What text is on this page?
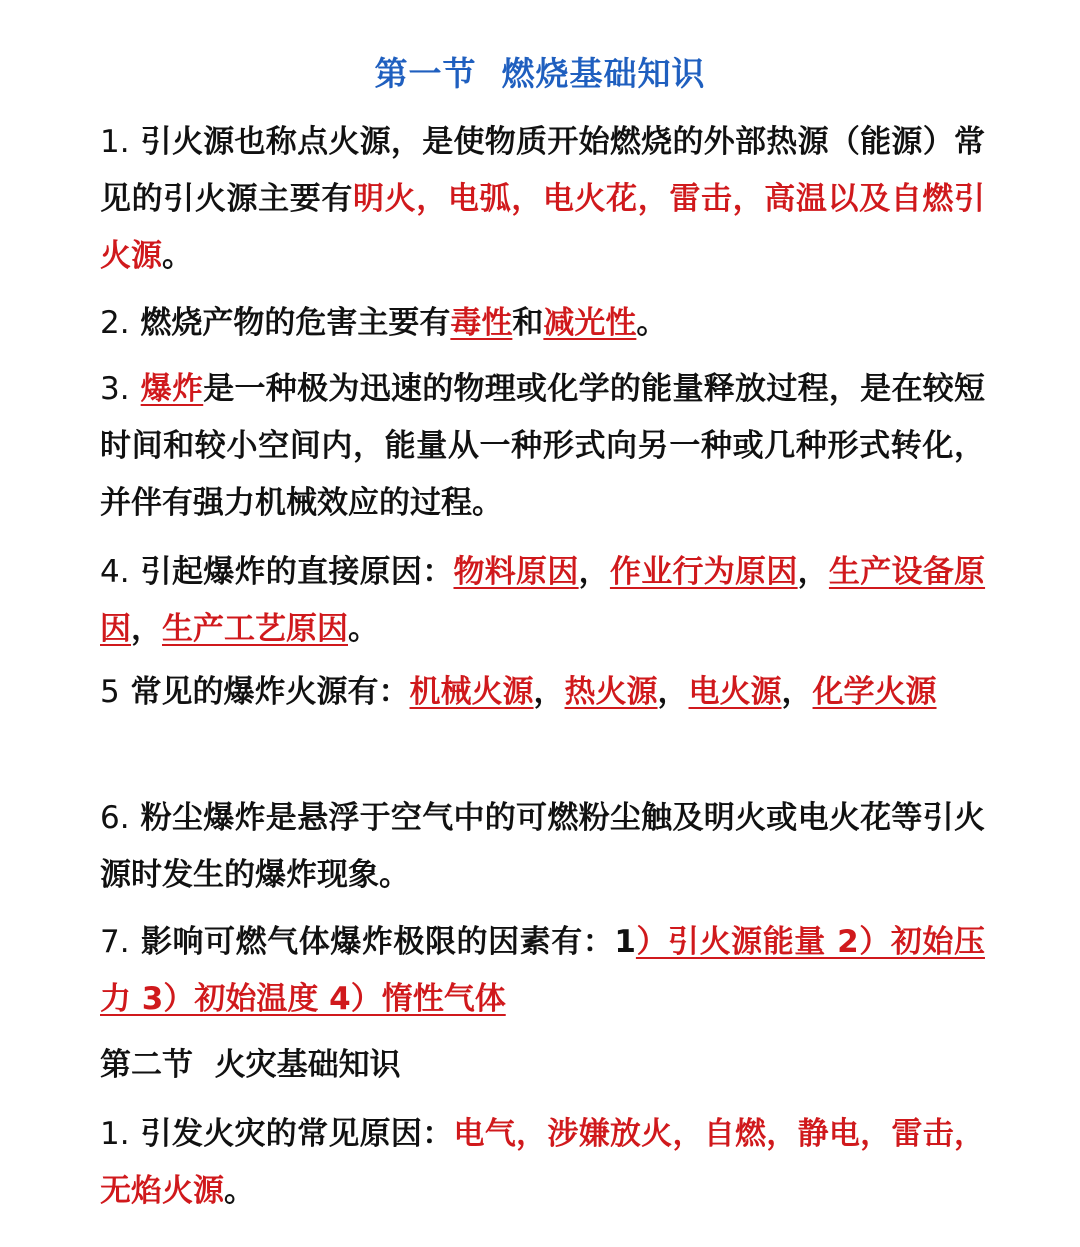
第一节 燃烧基础知识
1. 引火源也称点火源，是使物质开始燃烧的外部热源（能源）常见的引火源主要有明火，电弧，电火花，雷击，高温以及自燃引火源。
2. 燃烧产物的危害主要有毒性和减光性。
3. 爆炸是一种极为迅速的物理或化学的能量释放过程，是在较短时间和较小空间内，能量从一种形式向另一种或几种形式转化，并伴有强力机械效应的过程。
4. 引起爆炸的直接原因：物料原因，作业行为原因，生产设备原因，生产工艺原因。
5 常见的爆炸火源有：机械火源，热火源，电火源，化学火源
6. 粉尘爆炸是悬浮于空气中的可燃粉尘触及明火或电火花等引火源时发生的爆炸现象。
7. 影响可燃气体爆炸极限的因素有：1）引火源能量 2）初始压力 3）初始温度 4）惰性气体
第二节 火灾基础知识
1. 引发火灾的常见原因：电气，涉嫌放火，自燃，静电，雷击，无焰火源。
